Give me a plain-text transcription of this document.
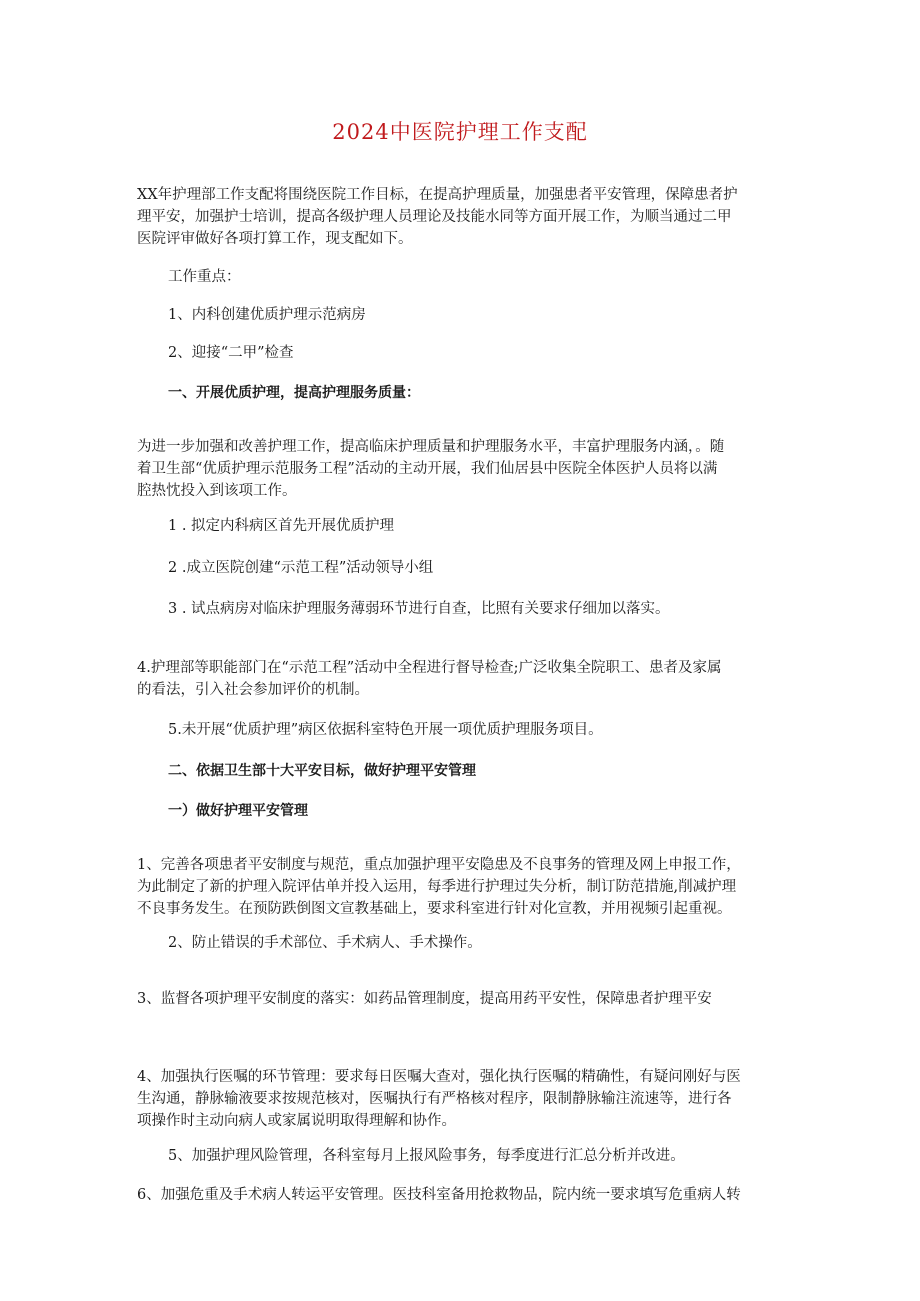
2024中医院护理工作支配

XX年护理部工作支配将围绕医院工作目标，在提高护理质量，加强患者平安管理，保障患者护

理平安，加强护士培训，提高各级护理人员理论及技能水同等方面开展工作，为顺当通过二甲

医院评审做好各项打算工作，现支配如下。

工作重点：

1、内科创建优质护理示范病房

2、迎接“二甲”检查

一、开展优质护理，提高护理服务质量：

为进一步加强和改善护理工作，提高临床护理质量和护理服务水平，丰富护理服务内涵，。随

着卫生部“优质护理示范服务工程”活动的主动开展，我们仙居县中医院全体医护人员将以满

腔热忱投入到该项工作。

1 . 拟定内科病区首先开展优质护理

2 .成立医院创建“示范工程”活动领导小组

3 . 试点病房对临床护理服务薄弱环节进行自查，比照有关要求仔细加以落实。

4.护理部等职能部门在“示范工程”活动中全程进行督导检查;广泛收集全院职工、患者及家属

的看法，引入社会参加评价的机制。

5.未开展“优质护理”病区依据科室特色开展一项优质护理服务项目。

二、依据卫生部十大平安目标，做好护理平安管理

一）做好护理平安管理

1、完善各项患者平安制度与规范，重点加强护理平安隐患及不良事务的管理及网上申报工作，

为此制定了新的护理入院评估单并投入运用，每季进行护理过失分析，制订防范措施,削减护理

不良事务发生。在预防跌倒图文宣教基础上，要求科室进行针对化宣教，并用视频引起重视。

2、防止错误的手术部位、手术病人、手术操作。

3、监督各项护理平安制度的落实：如药品管理制度，提高用药平安性，保障患者护理平安

4、加强执行医嘱的环节管理：要求每日医嘱大查对，强化执行医嘱的精确性，有疑问刚好与医

生沟通，静脉输液要求按规范核对，医嘱执行有严格核对程序，限制静脉输注流速等，进行各

项操作时主动向病人或家属说明取得理解和协作。

5、加强护理风险管理，各科室每月上报风险事务，每季度进行汇总分析并改进。

6、加强危重及手术病人转运平安管理。医技科室备用抢救物品，院内统一要求填写危重病人转
